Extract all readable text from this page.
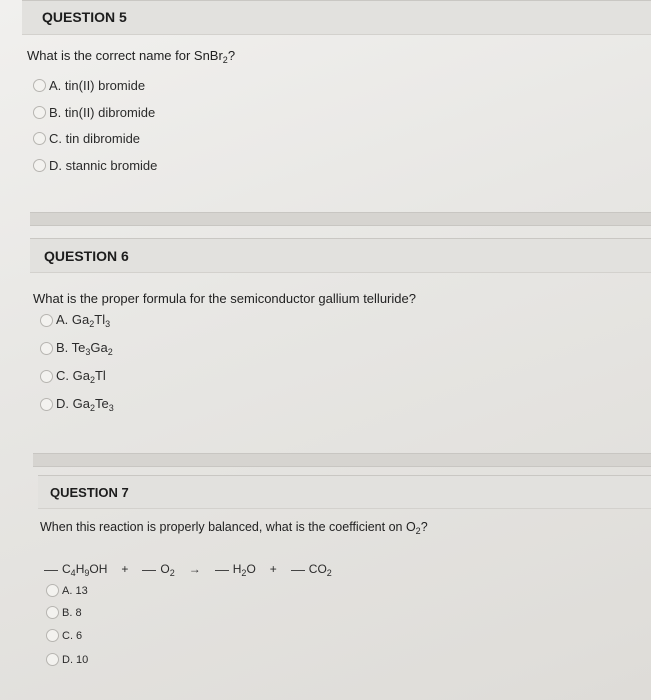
QUESTION 5
What is the correct name for SnBr$_2$?
A. tin(II) bromide
B. tin(II) dibromide
C. tin dibromide
D. stannic bromide
QUESTION 6
What is the proper formula for the semiconductor gallium telluride?
A. $Ga_2Tl_3$
B. $Te_3Ga_2$
C. $Ga_2Tl$
D. $Ga_2Te_3$
QUESTION 7
When this reaction is properly balanced, what is the coefficient on $O_2$?
$C_4H_9OH$ +	$O_2$ →	$H_2O$ +	$CO_2$
A. 13
B. 8
C. 6
D. 10
